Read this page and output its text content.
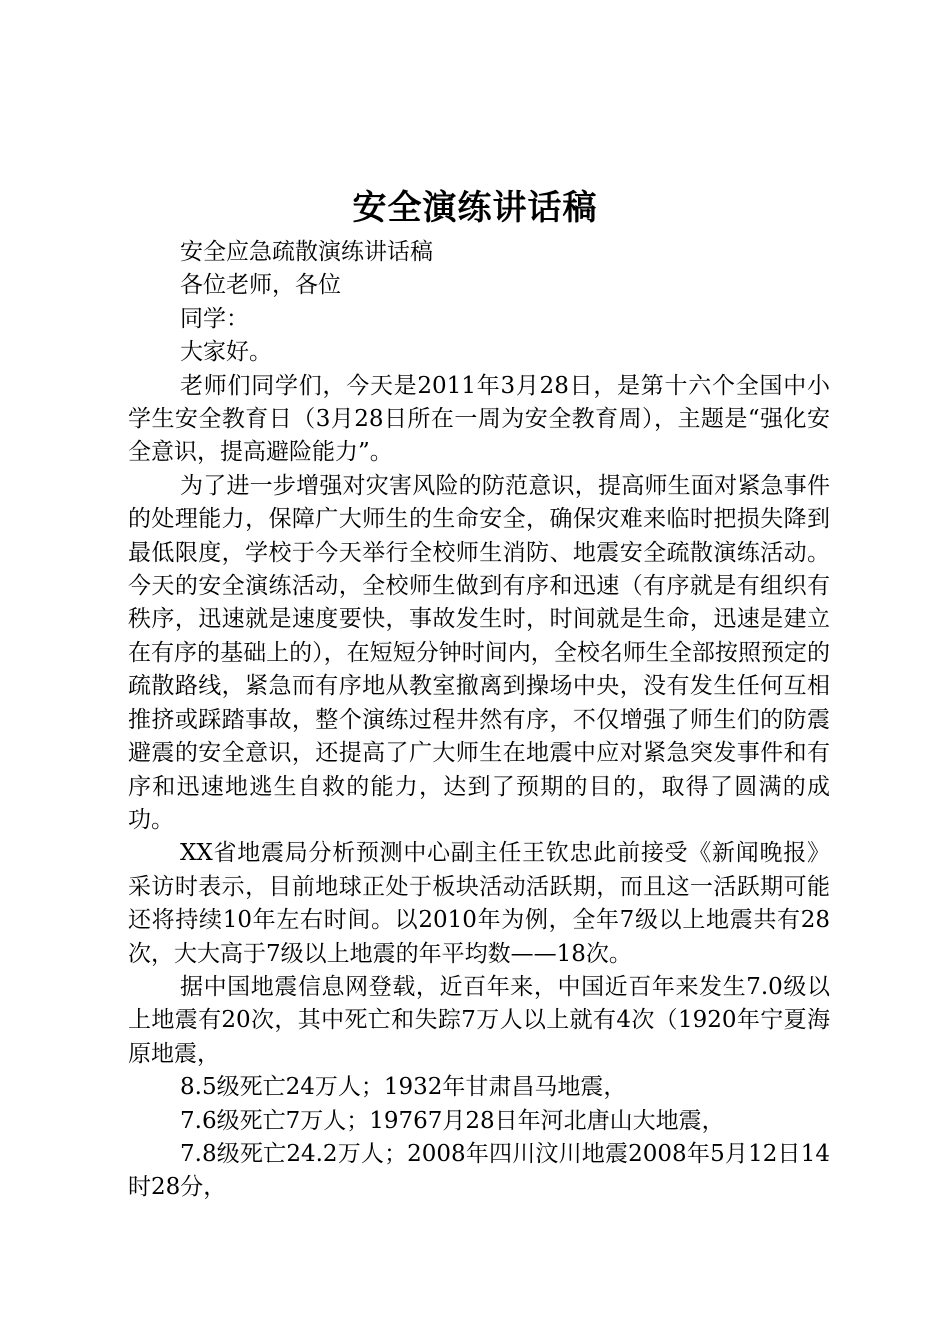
安全演练讲话稿

安全应急疏散演练讲话稿

各位老师，各位

同学：

大家好。

老师们同学们，今天是2011年3月28日，是第十六个全国中小学生安全教育日（3月28日所在一周为安全教育周），主题是“强化安全意识，提高避险能力”。

为了进一步增强对灾害风险的防范意识，提高师生面对紧急事件的处理能力，保障广大师生的生命安全，确保灾难来临时把损失降到最低限度，学校于今天举行全校师生消防、地震安全疏散演练活动。今天的安全演练活动，全校师生做到有序和迅速（有序就是有组织有秩序，迅速就是速度要快，事故发生时，时间就是生命，迅速是建立在有序的基础上的），在短短分钟时间内，全校名师生全部按照预定的疏散路线，紧急而有序地从教室撤离到操场中央，没有发生任何互相推挤或踩踏事故，整个演练过程井然有序，不仅增强了师生们的防震避震的安全意识，还提高了广大师生在地震中应对紧急突发事件和有序和迅速地逃生自救的能力，达到了预期的目的，取得了圆满的成功。

XX省地震局分析预测中心副主任王钦忠此前接受《新闻晚报》采访时表示，目前地球正处于板块活动活跃期，而且这一活跃期可能还将持续10年左右时间。以2010年为例，全年7级以上地震共有28次，大大高于7级以上地震的年平均数——18次。

据中国地震信息网登载，近百年来，中国近百年来发生7.0级以上地震有20次，其中死亡和失踪7万人以上就有4次（1920年宁夏海原地震，

8.5级死亡24万人；1932年甘肃昌马地震，

7.6级死亡7万人；19767月28日年河北唐山大地震，

7.8级死亡24.2万人；2008年四川汶川地震2008年5月12日14时28分，
